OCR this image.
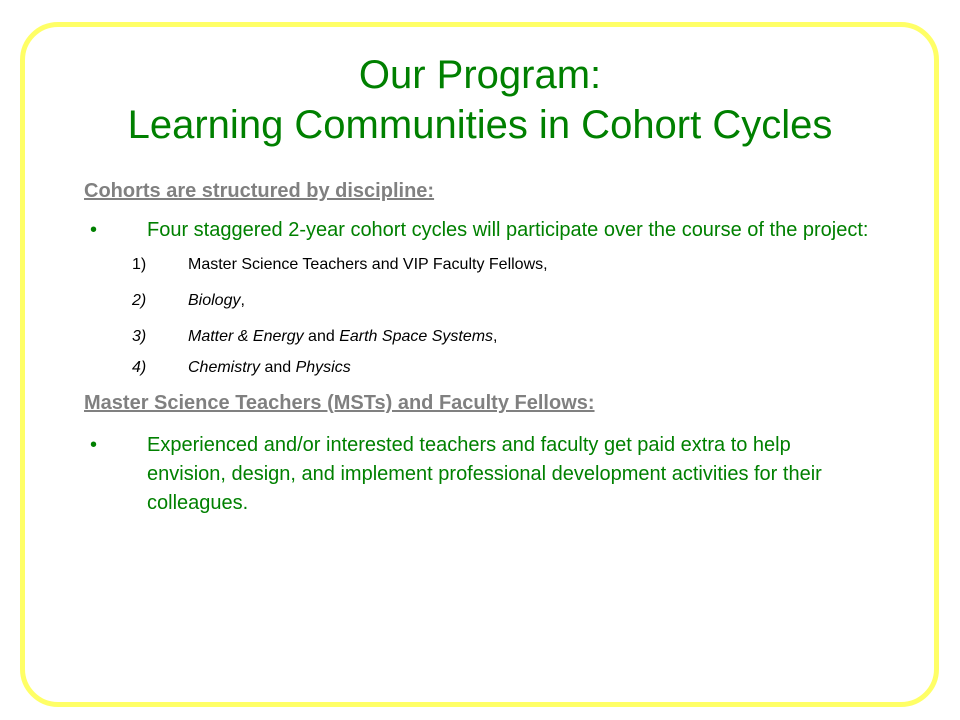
Our Program:
Learning Communities in Cohort Cycles

Cohorts are structured by discipline:

• Four staggered 2-year cohort cycles will participate over the course of the project:
1)	Master Science Teachers and VIP Faculty Fellows,
2)	Biology,
3)	Matter & Energy and Earth Space Systems,
4)	Chemistry and Physics

Master Science Teachers (MSTs) and Faculty Fellows:

• Experienced and/or interested teachers and faculty get paid extra to help envision, design, and implement professional development activities for their colleagues.
